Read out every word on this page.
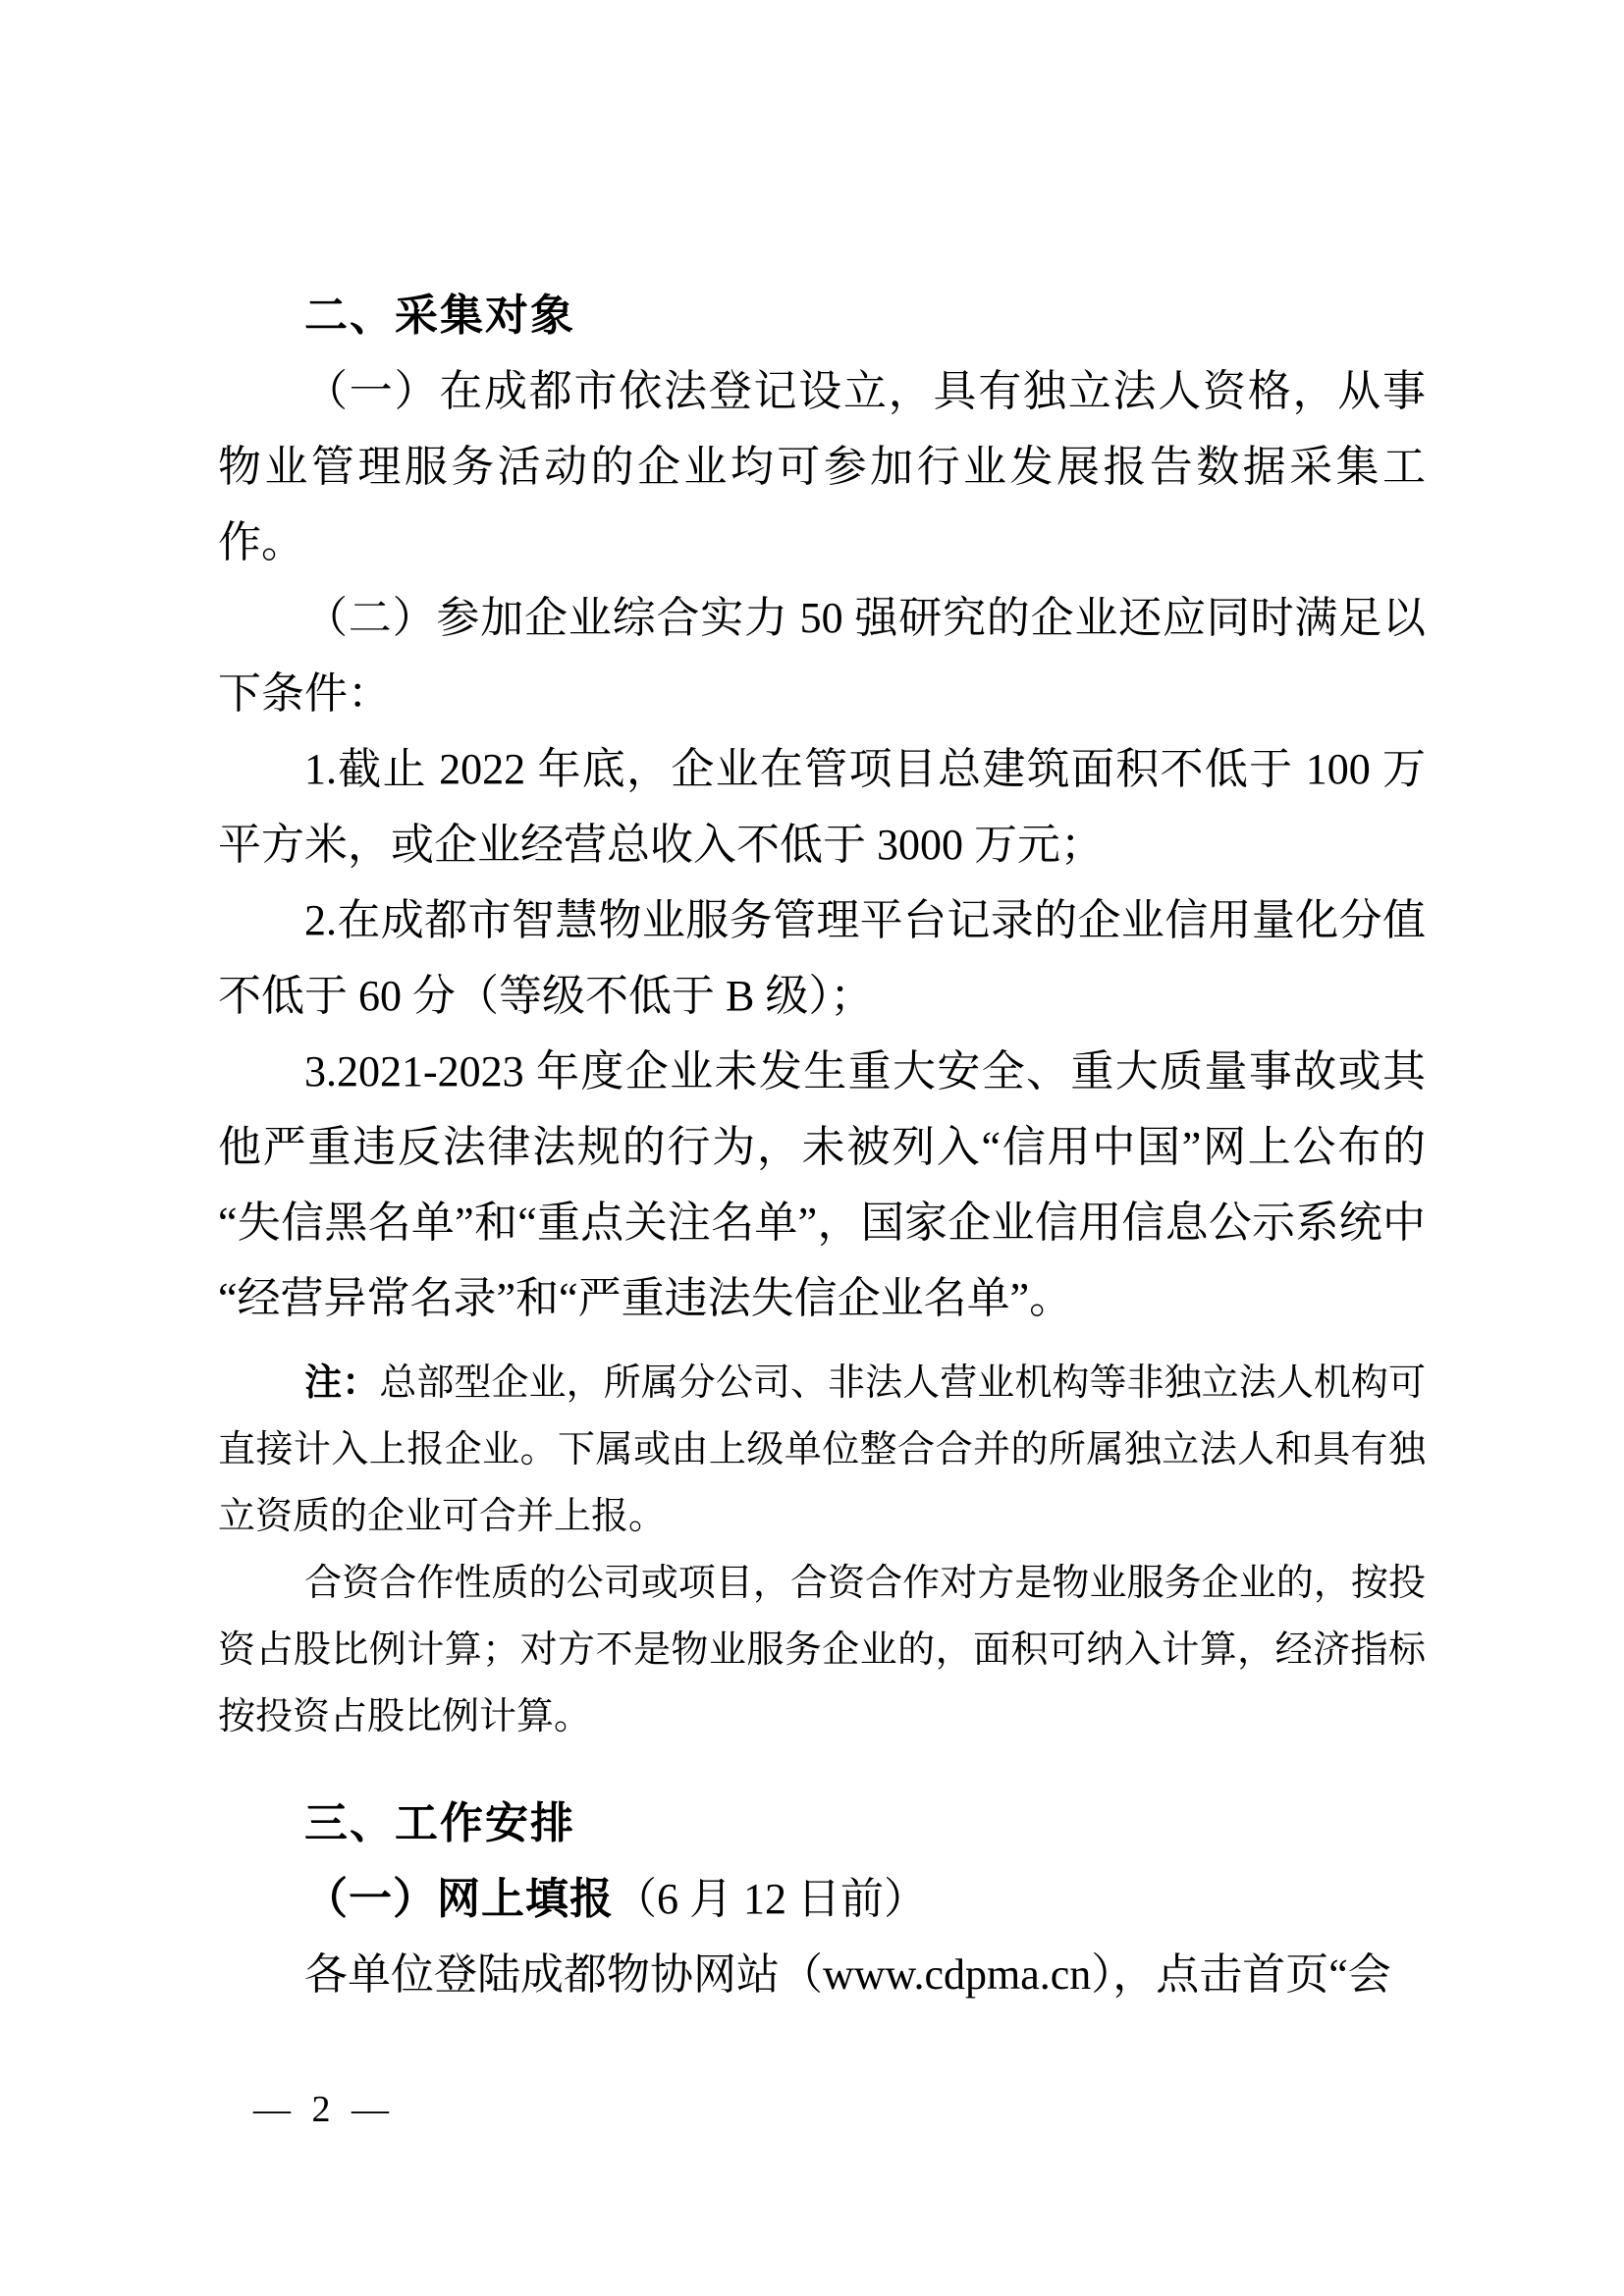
二、采集对象

（一）在成都市依法登记设立，具有独立法人资格，从事物业管理服务活动的企业均可参加行业发展报告数据采集工作。

（二）参加企业综合实力 50 强研究的企业还应同时满足以下条件：

1.截止 2022 年底，企业在管项目总建筑面积不低于 100 万平方米，或企业经营总收入不低于 3000 万元；

2.在成都市智慧物业服务管理平台记录的企业信用量化分值不低于 60 分（等级不低于 B 级）；

3.2021-2023 年度企业未发生重大安全、重大质量事故或其他严重违反法律法规的行为，未被列入“信用中国”网上公布的“失信黑名单”和“重点关注名单”，国家企业信用信息公示系统中“经营异常名录”和“严重违法失信企业名单”。

注：总部型企业，所属分公司、非法人营业机构等非独立法人机构可直接计入上报企业。下属或由上级单位整合合并的所属独立法人和具有独立资质的企业可合并上报。

合资合作性质的公司或项目，合资合作对方是物业服务企业的，按投资占股比例计算；对方不是物业服务企业的，面积可纳入计算，经济指标按投资占股比例计算。

三、工作安排

（一）网上填报（6 月 12 日前）

各单位登陆成都物协网站（www.cdpma.cn），点击首页“会

— 2 —
